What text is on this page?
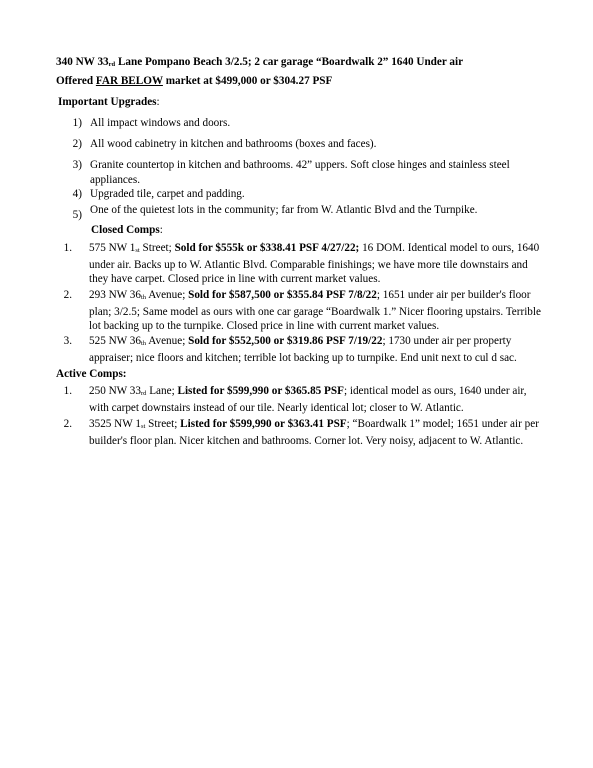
340 NW $33_{rd}$ Lane Pompano Beach 3/2.5; 2 car garage “Boardwalk 2” 1640 Under air
Offered FAR BELOW market at $499,000 or $304.27 PSF
Important Upgrades:
1) All impact windows and doors.
2) All wood cabinetry in kitchen and bathrooms (boxes and faces).
3) Granite countertop in kitchen and bathrooms. 42” uppers. Soft close hinges and stainless steel appliances.
4) Upgraded tile, carpet and padding.
5) One of the quietest lots in the community; far from W. Atlantic Blvd and the Turnpike.
Closed Comps:
1. 575 NW $1_{st}$ Street; Sold for $555k or $338.41 PSF 4/27/22; 16 DOM. Identical model to ours, 1640 under air. Backs up to W. Atlantic Blvd. Comparable finishings; we have more tile downstairs and they have carpet. Closed price in line with current market values.
2. 293 NW $36_{th}$ Avenue; Sold for $587,500 or $355.84 PSF 7/8/22; 1651 under air per builder's floor plan; 3/2.5; Same model as ours with one car garage “Boardwalk 1.” Nicer flooring upstairs. Terrible lot backing up to the turnpike. Closed price in line with current market values.
3. 525 NW $36_{th}$ Avenue; Sold for $552,500 or $319.86 PSF 7/19/22; 1730 under air per property appraiser; nice floors and kitchen; terrible lot backing up to turnpike. End unit next to cul d sac.
Active Comps:
1. 250 NW $33_{rd}$ Lane; Listed for $599,990 or $365.85 PSF; identical model as ours, 1640 under air, with carpet downstairs instead of our tile. Nearly identical lot; closer to W. Atlantic.
2. 3525 NW $1_{st}$ Street; Listed for $599,990 or $363.41 PSF; “Boardwalk 1” model; 1651 under air per builder's floor plan. Nicer kitchen and bathrooms. Corner lot. Very noisy, adjacent to W. Atlantic.
